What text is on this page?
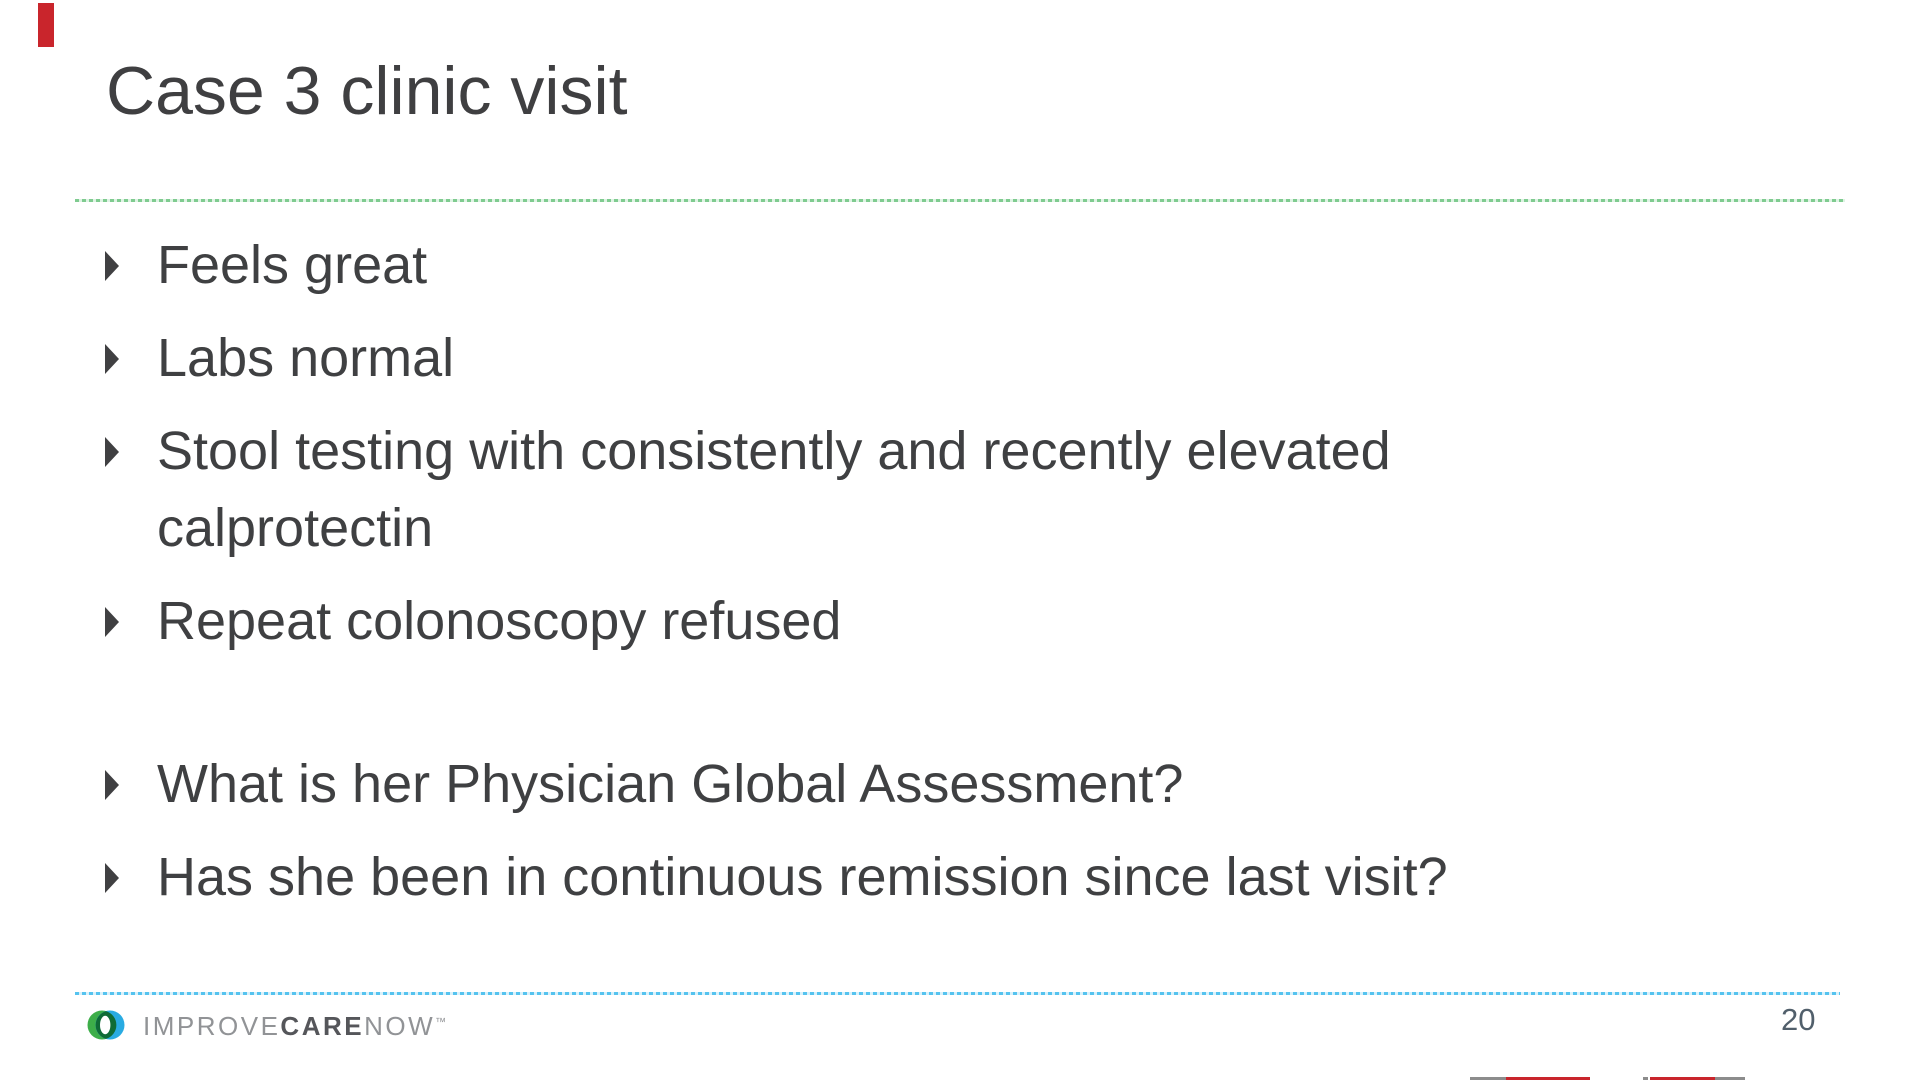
Case 3 clinic visit
Feels great
Labs normal
Stool testing with consistently and recently elevated
calprotectin
Repeat colonoscopy refused
What is her Physician Global Assessment?
Has she been in continuous remission since last visit?
IMPROVECARENOW™	20
